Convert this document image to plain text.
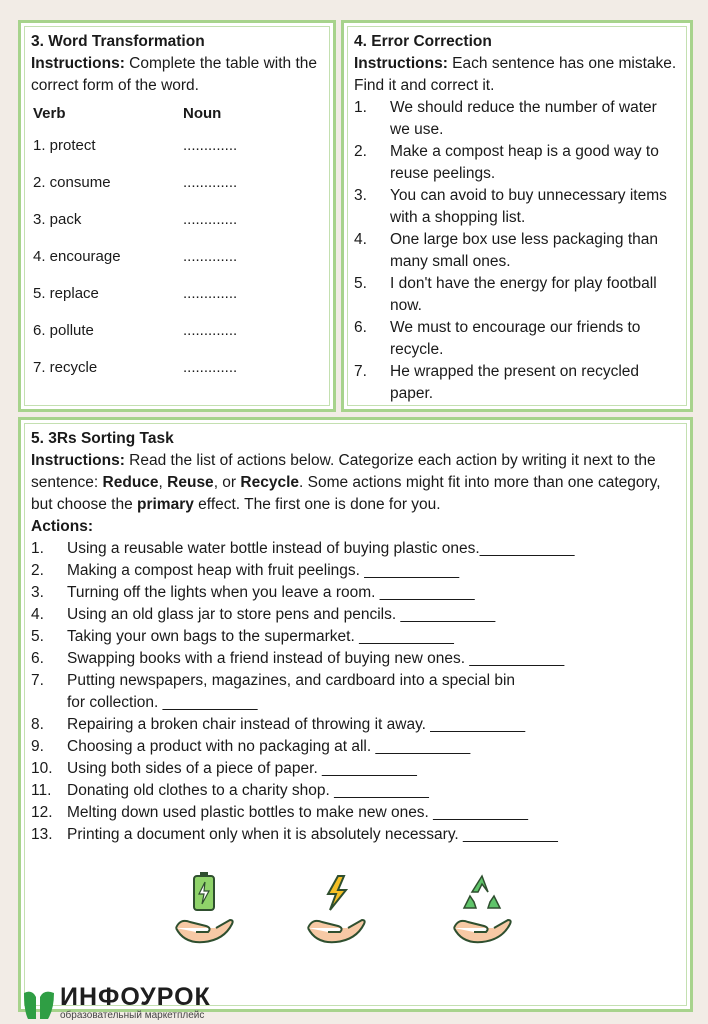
3. Word Transformation
Instructions: Complete the table with the correct form of the word.
Verb	Noun
1. protect	.............
2. consume	.............
3. pack	.............
4. encourage	.............
5. replace	.............
6. pollute	.............
7. recycle	.............
4. Error Correction
Instructions: Each sentence has one mistake. Find it and correct it.
1.	We should reduce the number of water we use.
2.	Make a compost heap is a good way to reuse peelings.
3.	You can avoid to buy unnecessary items with a shopping list.
4.	One large box use less packaging than many small ones.
5.	I don't have the energy for play football now.
6.	We must to encourage our friends to recycle.
7.	He wrapped the present on recycled paper.
5. 3Rs Sorting Task
Instructions: Read the list of actions below. Categorize each action by writing it next to the sentence: Reduce, Reuse, or Recycle. Some actions might fit into more than one category, but choose the primary effect. The first one is done for you.
Actions:
1.	Using a reusable water bottle instead of buying plastic ones.___________
2.	Making a compost heap with fruit peelings. ___________
3.	Turning off the lights when you leave a room. ___________
4.	Using an old glass jar to store pens and pencils. ___________
5.	Taking your own bags to the supermarket. ___________
6.	Swapping books with a friend instead of buying new ones. ___________
7.	Putting newspapers, magazines, and cardboard into a special bin for collection. ___________
8.	Repairing a broken chair instead of throwing it away. ___________
9.	Choosing a product with no packaging at all. ___________
10. Using both sides of a piece of paper. ___________
11.	Donating old clothes to a charity shop. ___________
12. Melting down used plastic bottles to make new ones. ___________
13. Printing a document only when it is absolutely necessary. ___________
ИНФОУРОК
образовательный маркетплейс
